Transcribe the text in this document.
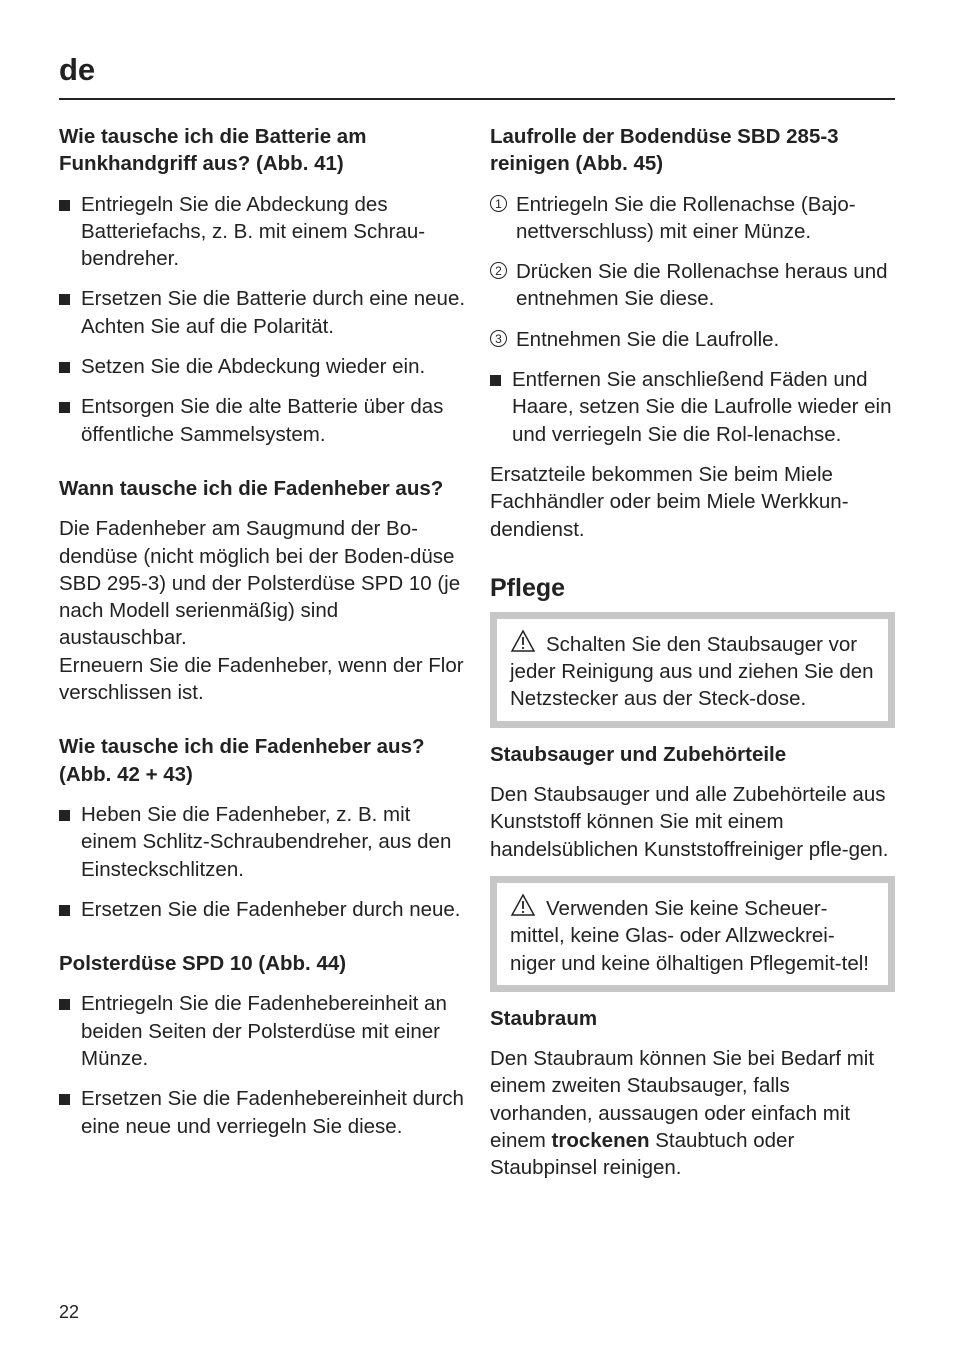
de

Wie tausche ich die Batterie am Funkhandgriff aus? (Abb. 41)

Entriegeln Sie die Abdeckung des Batteriefachs, z. B. mit einem Schrau-bendreher.
Ersetzen Sie die Batterie durch eine neue. Achten Sie auf die Polarität.
Setzen Sie die Abdeckung wieder ein.
Entsorgen Sie die alte Batterie über das öffentliche Sammelsystem.

Wann tausche ich die Fadenheber aus?

Die Fadenheber am Saugmund der Bo-dendüse (nicht möglich bei der Boden-düse SBD 295-3) und der Polsterdüse SPD 10 (je nach Modell serienmäßig) sind austauschbar.

Erneuern Sie die Fadenheber, wenn der Flor verschlissen ist.

Wie tausche ich die Fadenheber aus? (Abb. 42 + 43)

Heben Sie die Fadenheber, z. B. mit einem Schlitz-Schraubendreher, aus den Einsteckschlitzen.
Ersetzen Sie die Fadenheber durch neue.

Polsterdüse SPD 10 (Abb. 44)

Entriegeln Sie die Fadenhebereinheit an beiden Seiten der Polsterdüse mit einer Münze.
Ersetzen Sie die Fadenhebereinheit durch eine neue und verriegeln Sie diese.

Laufrolle der Bodendüse SBD 285-3 reinigen (Abb. 45)

1 Entriegeln Sie die Rollenachse (Bajo-nettverschluss) mit einer Münze.
2 Drücken Sie die Rollenachse heraus und entnehmen Sie diese.
3 Entnehmen Sie die Laufrolle.
Entfernen Sie anschließend Fäden und Haare, setzen Sie die Laufrolle wieder ein und verriegeln Sie die Rol-lenachse.

Ersatzteile bekommen Sie beim Miele Fachhändler oder beim Miele Werkkun-dendienst.

Pflege

Schalten Sie den Staubsauger vor jeder Reinigung aus und ziehen Sie den Netzstecker aus der Steck-dose.

Staubsauger und Zubehörteile

Den Staubsauger und alle Zubehörteile aus Kunststoff können Sie mit einem handelsüblichen Kunststoffreiniger pfle-gen.

Verwenden Sie keine Scheuer-mittel, keine Glas- oder Allzweckrei-niger und keine ölhaltigen Pflegemit-tel!

Staubraum

Den Staubraum können Sie bei Bedarf mit einem zweiten Staubsauger, falls vorhanden, aussaugen oder einfach mit einem trockenen Staubtuch oder Staubpinsel reinigen.

22
